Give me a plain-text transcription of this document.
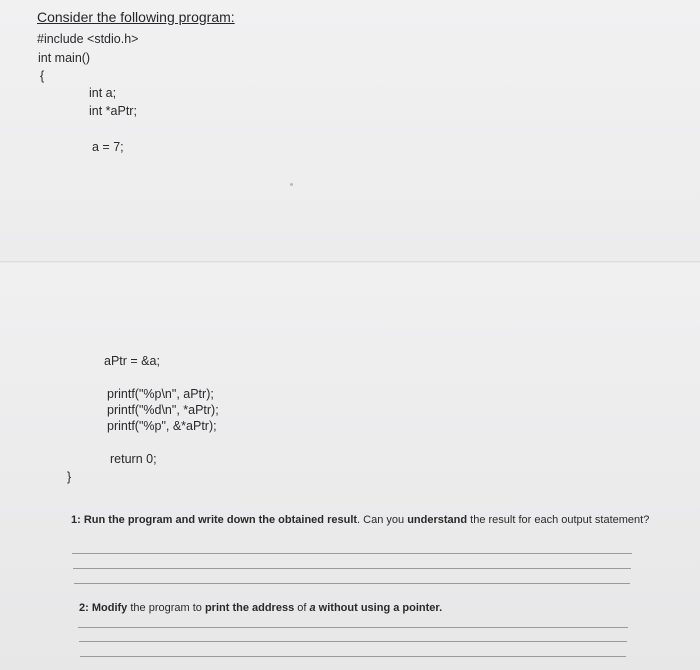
Consider the following program:
#include <stdio.h>
int main()
{
int a;
int *aPtr;
a = 7;
aPtr = &a;
printf("%p\n", aPtr);
printf("%d\n", *aPtr);
printf("%p", &*aPtr);
return 0;
}
1: Run the program and write down the obtained result. Can you understand the result for each output statement?
2: Modify the program to print the address of a without using a pointer.
